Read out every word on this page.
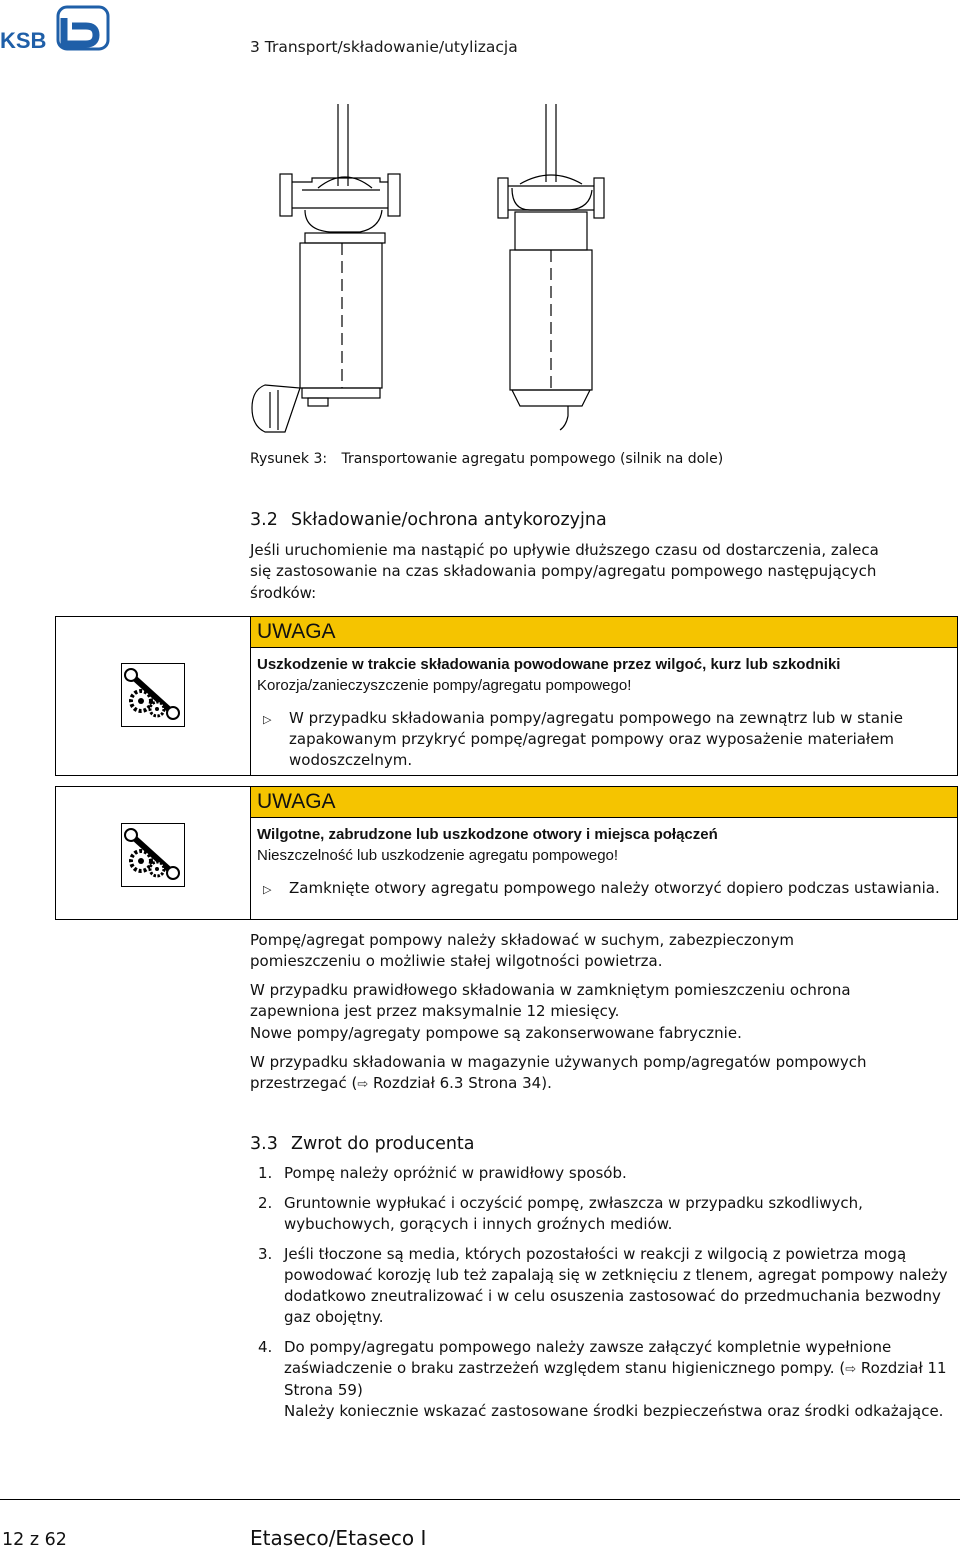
KSB	3 Transport/składowanie/utylizacja
Rysunek 3: Transportowanie agregatu pompowego (silnik na dole)
3.2 Składowanie/ochrona antykorozyjna
Jeśli uruchomienie ma nastąpić po upływie dłuższego czasu od dostarczenia, zaleca
się zastosowanie na czas składowania pompy/agregatu pompowego następujących
środków:
UWAGA
Uszkodzenie w trakcie składowania powodowane przez wilgoć, kurz lub szkodniki
Korozja/zanieczyszczenie pompy/agregatu pompowego!
▷ W przypadku składowania pompy/agregatu pompowego na zewnątrz lub w stanie zapakowanym przykryć pompę/agregat pompowy oraz wyposażenie materiałem wodoszczelnym.
UWAGA
Wilgotne, zabrudzone lub uszkodzone otwory i miejsca połączeń
Nieszczelność lub uszkodzenie agregatu pompowego!
▷ Zamknięte otwory agregatu pompowego należy otworzyć dopiero podczas ustawiania.
Pompę/agregat pompowy należy składować w suchym, zabezpieczonym
pomieszczeniu o możliwie stałej wilgotności powietrza.
W przypadku prawidłowego składowania w zamkniętym pomieszczeniu ochrona
zapewniona jest przez maksymalnie 12 miesięcy.
Nowe pompy/agregaty pompowe są zakonserwowane fabrycznie.
W przypadku składowania w magazynie używanych pomp/agregatów pompowych
przestrzegać (⇨ Rozdział 6.3 Strona 34).
3.3 Zwrot do producenta
1. Pompę należy opróżnić w prawidłowy sposób.
2. Gruntownie wypłukać i oczyścić pompę, zwłaszcza w przypadku szkodliwych, wybuchowych, gorących i innych groźnych mediów.
3. Jeśli tłoczone są media, których pozostałości w reakcji z wilgocią z powietrza mogą powodować korozję lub też zapalają się w zetknięciu z tlenem, agregat pompowy należy dodatkowo zneutralizować i w celu osuszenia zastosować do przedmuchania bezwodny gaz obojętny.
4. Do pompy/agregatu pompowego należy zawsze załączyć kompletnie wypełnione zaświadczenie o braku zastrzeżeń względem stanu higienicznego pompy. (⇨ Rozdział 11 Strona 59)
Należy koniecznie wskazać zastosowane środki bezpieczeństwa oraz środki odkażające.
12 z 62	Etaseco/Etaseco I
